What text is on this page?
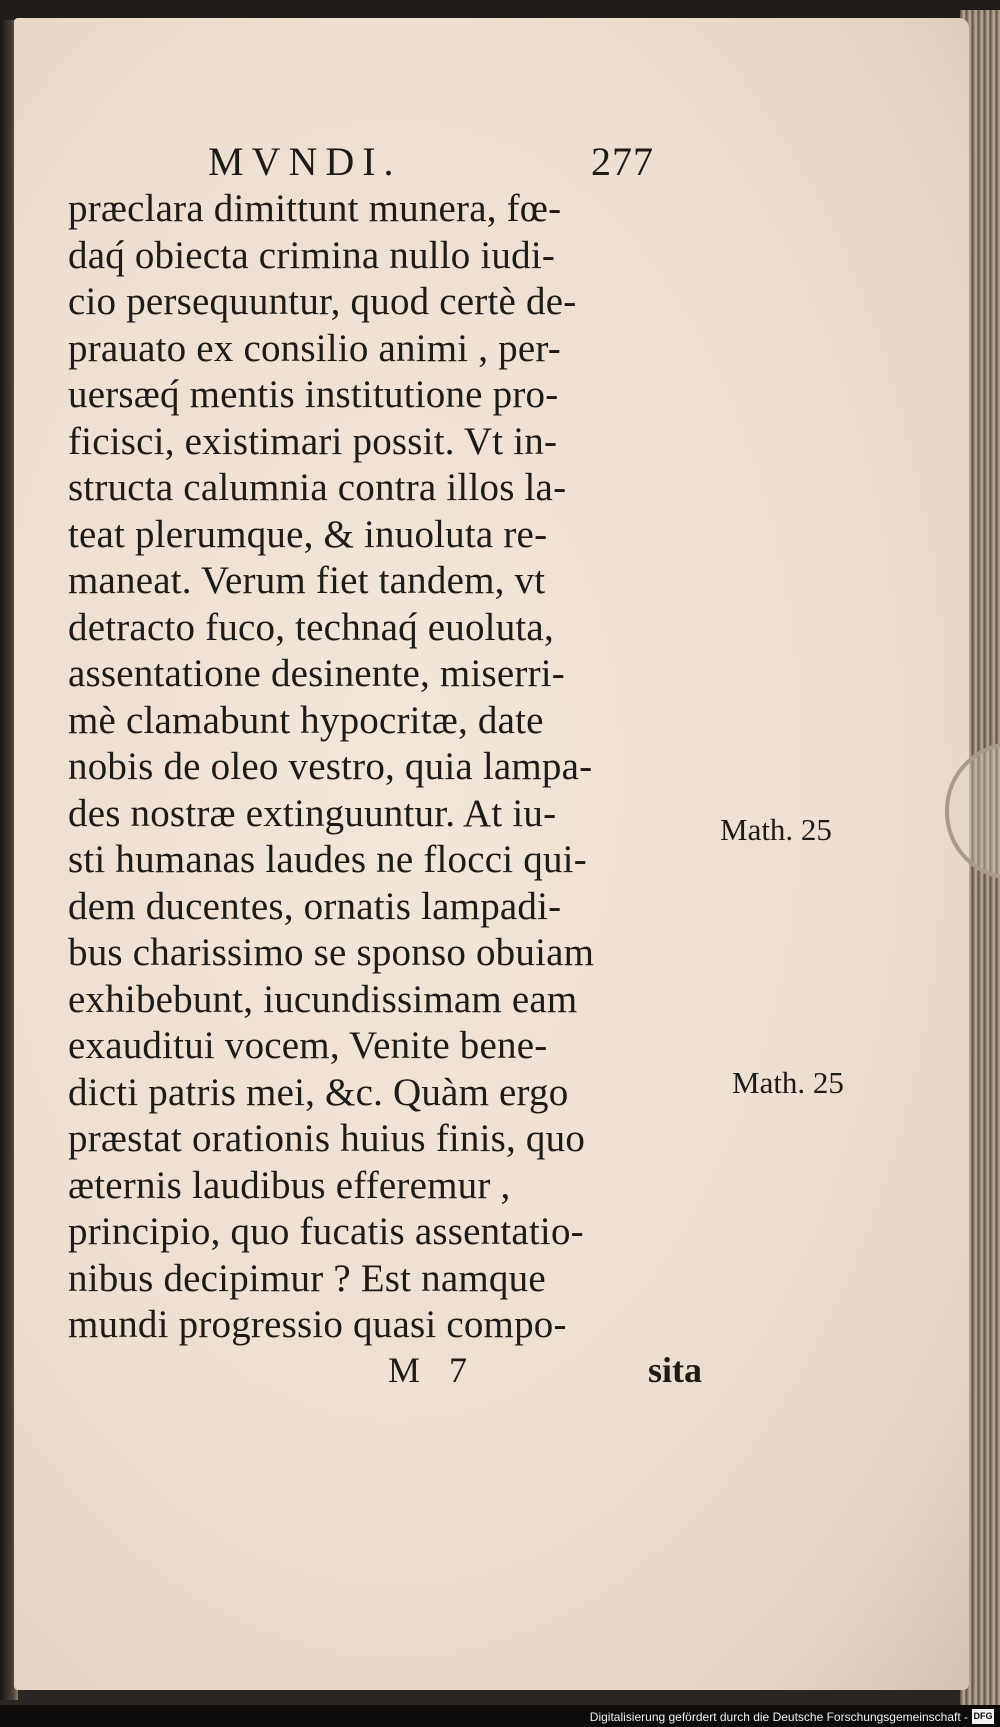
MVNDI.	277
præclara dimittunt munera, fœ-
daq́ obiecta crimina nullo iudi-
cio persequuntur, quod certè de-
prauato ex consilio animi , per-
uersæq́ mentis institutione pro-
ficisci, existimari possit. Vt in-
structa calumnia contra illos la-
teat plerumque, & inuoluta re-
maneat. Verum fiet tandem, vt
detracto fuco, technaq́ euoluta,
assentatione desinente, miserri-
mè clamabunt hypocritæ, date
nobis de oleo vestro, quia lampa-
des nostræ extinguuntur. At iu-
sti humanas laudes ne flocci qui-
dem ducentes, ornatis lampadi-
bus charissimo se sponso obuiam
exhibebunt, iucundissimam eam
exauditui vocem, Venite bene-
dicti patris mei, &c. Quàm ergo
præstat orationis huius finis, quo
æternis laudibus efferemur ,
principio, quo fucatis assentatio-
nibus decipimur ? Est namque
mundi progressio quasi compo-
M 7	sita
Math. 25
Math. 25
Digitalisierung gefördert durch die Deutsche Forschungsgemeinschaft - DFG
